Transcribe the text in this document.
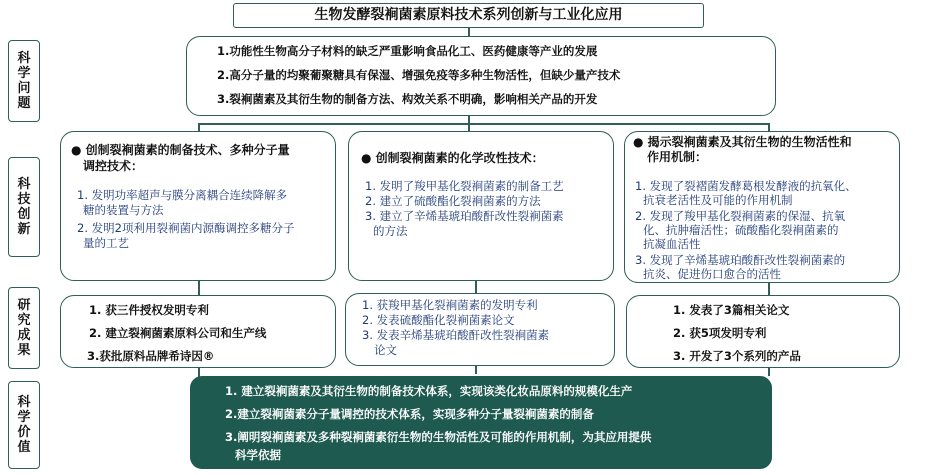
生物发酵裂裥菌素原料技术系列创新与工业化应用
科学问题
科技创新
研究成果
科学价值
1.功能性生物高分子材料的缺乏严重影响食品化工、医药健康等产业的发展
2.高分子量的均聚葡聚糖具有保湿、增强免疫等多种生物活性，但缺少量产技术
3.裂裥菌素及其衍生物的制备方法、构效关系不明确，影响相关产品的开发
● 创制裂裥菌素的制备技术、多种分子量
调控技术：
1. 发明功率超声与膜分离耦合连续降解多
糖的装置与方法
2. 发明2项利用裂裥菌内源酶调控多糖分子
量的工艺
● 创制裂裥菌素的化学改性技术：
1. 发明了羧甲基化裂裥菌素的制备工艺
2. 建立了硫酸酯化裂裥菌素的方法
3. 建立了辛烯基琥珀酸酐改性裂裥菌素
的方法
● 揭示裂裥菌素及其衍生物的生物活性和
作用机制：
1. 发现了裂褶菌发酵葛根发酵液的抗氧化、
抗衰老活性及可能的作用机制
2. 发现了羧甲基化裂裥菌素的保湿、抗氧
化、抗肿瘤活性；硫酸酯化裂裥菌素的
抗凝血活性
3. 发现了辛烯基琥珀酸酐改性裂裥菌素的
抗炎、促进伤口愈合的活性
1. 获三件授权发明专利
2. 建立裂裥菌素原料公司和生产线
3.获批原料品牌希诗因®
1. 获羧甲基化裂裥菌素的发明专利
2. 发表硫酸酯化裂裥菌素论文
3. 发表辛烯基琥珀酸酐改性裂裥菌素
论文
1. 发表了3篇相关论文
2. 获5项发明专利
3. 开发了3个系列的产品
1. 建立裂裥菌素及其衍生物的制备技术体系，实现该类化妆品原料的规模化生产
2.建立裂裥菌素分子量调控的技术体系，实现多种分子量裂裥菌素的制备
3.阐明裂裥菌素及多种裂裥菌素衍生物的生物活性及可能的作用机制，为其应用提供
科学依据
